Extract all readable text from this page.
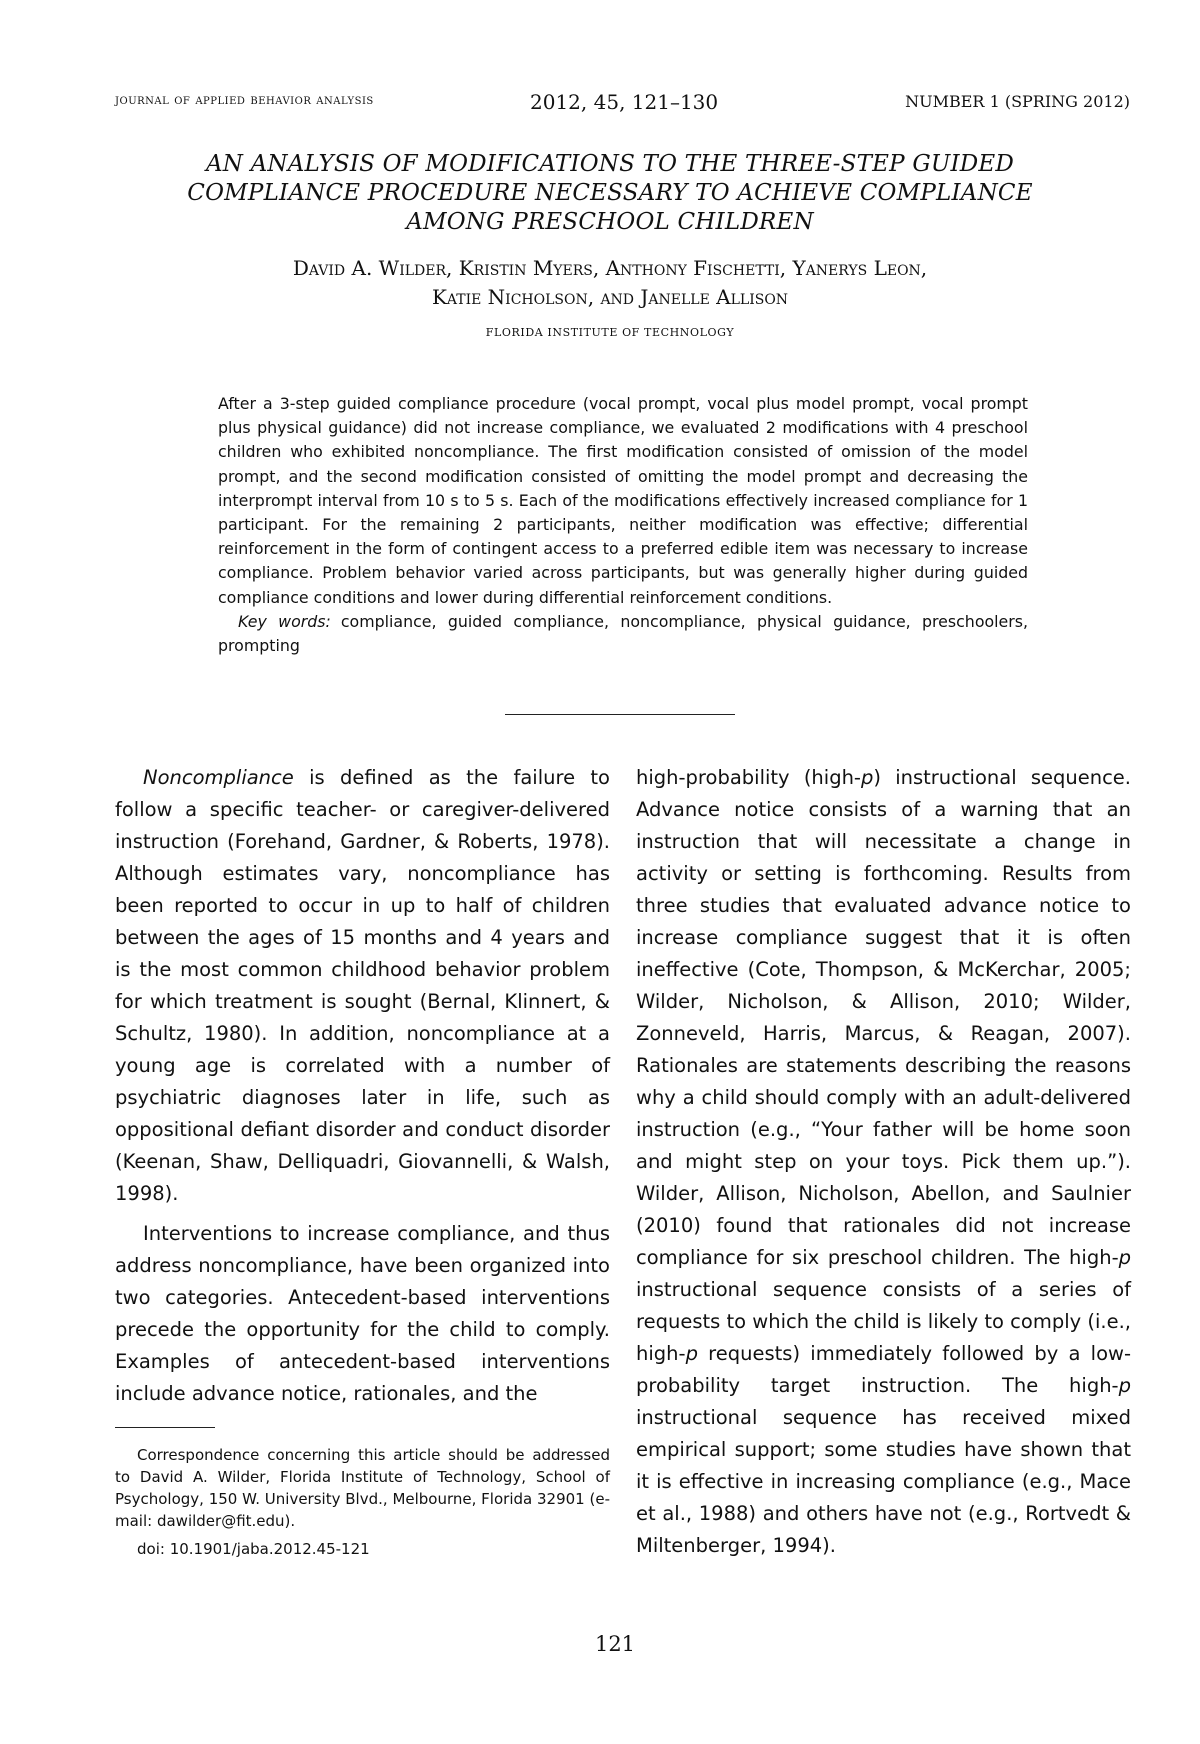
journal of applied behavior analysis	2012, 45, 121–130	NUMBER 1 (SPRING 2012)
AN ANALYSIS OF MODIFICATIONS TO THE THREE-STEP GUIDED
COMPLIANCE PROCEDURE NECESSARY TO ACHIEVE COMPLIANCE
AMONG PRESCHOOL CHILDREN
David A. Wilder, Kristin Myers, Anthony Fischetti, Yanerys Leon,
Katie Nicholson, and Janelle Allison
FLORIDA INSTITUTE OF TECHNOLOGY

After a 3-step guided compliance procedure (vocal prompt, vocal plus model prompt, vocal prompt plus physical guidance) did not increase compliance, we evaluated 2 modifications with 4 preschool children who exhibited noncompliance. The first modification consisted of omission of the model prompt, and the second modification consisted of omitting the model prompt and decreasing the interprompt interval from 10 s to 5 s. Each of the modifications effectively increased compliance for 1 participant. For the remaining 2 participants, neither modification was effective; differential reinforcement in the form of contingent access to a preferred edible item was necessary to increase compliance. Problem behavior varied across participants, but was generally higher during guided compliance conditions and lower during differential reinforcement conditions.

Key words: compliance, guided compliance, noncompliance, physical guidance, preschoolers, prompting

Noncompliance is defined as the failure to follow a specific teacher- or caregiver-delivered instruction (Forehand, Gardner, & Roberts, 1978). Although estimates vary, noncompliance has been reported to occur in up to half of children between the ages of 15 months and 4 years and is the most common childhood behavior problem for which treatment is sought (Bernal, Klinnert, & Schultz, 1980). In addition, noncompliance at a young age is correlated with a number of psychiatric diagnoses later in life, such as oppositional defiant disorder and conduct disorder (Keenan, Shaw, Delliquadri, Giovannelli, & Walsh, 1998).

Interventions to increase compliance, and thus address noncompliance, have been organized into two categories. Antecedent-based interventions precede the opportunity for the child to comply. Examples of antecedent-based interventions include advance notice, rationales, and the

high-probability (high-p) instructional sequence. Advance notice consists of a warning that an instruction that will necessitate a change in activity or setting is forthcoming. Results from three studies that evaluated advance notice to increase compliance suggest that it is often ineffective (Cote, Thompson, & McKerchar, 2005; Wilder, Nicholson, & Allison, 2010; Wilder, Zonneveld, Harris, Marcus, & Reagan, 2007). Rationales are statements describing the reasons why a child should comply with an adult-delivered instruction (e.g., “Your father will be home soon and might step on your toys. Pick them up.”). Wilder, Allison, Nicholson, Abellon, and Saulnier (2010) found that rationales did not increase compliance for six preschool children. The high-p instructional sequence consists of a series of requests to which the child is likely to comply (i.e., high-p requests) immediately followed by a low-probability target instruction. The high-p instructional sequence has received mixed empirical support; some studies have shown that it is effective in increasing compliance (e.g., Mace et al., 1988) and others have not (e.g., Rortvedt & Miltenberger, 1994).

Correspondence concerning this article should be addressed to David A. Wilder, Florida Institute of Technology, School of Psychology, 150 W. University Blvd., Melbourne, Florida 32901 (e-mail: dawilder@fit.edu).

doi: 10.1901/jaba.2012.45-121

121
